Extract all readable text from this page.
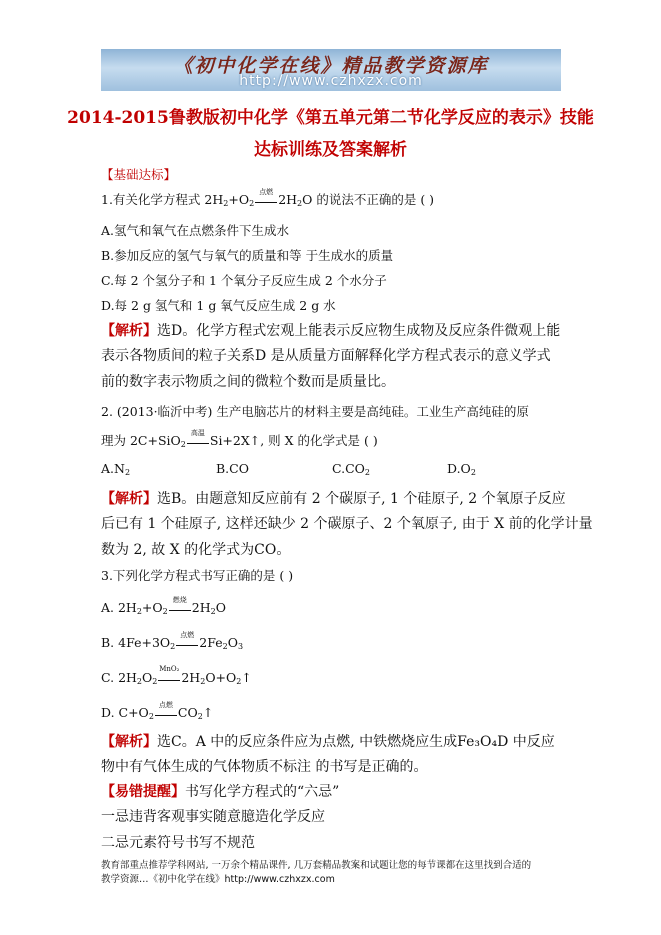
《初中化学在线》精品教学资源库
http://www.czhxzx.com
2014-2015鲁教版初中化学《第五单元第二节化学反应的表示》技能
达标训练及答案解析
【基础达标】
1.有关化学方程式 $2H_2+O_2$
点燃 $2H_2O$ 的说法不正确的是 ( )
A.氢气和氧气在点燃条件下生成水
B.参加反应的氢气与氧气的质量和等 于生成水的质量
C.每 2 个氢分子和 1 个氧分子反应生成 2 个水分子
D.每 2 g 氢气和 1 g 氧气反应生成 2 g 水
【解析】选D。化学方程式宏观上能表示反应物生成物及反应条件微观上能
表示各物质间的粒子关系D 是从质量方面解释化学方程式表示的意义学式
前的数字表示物质之间的微粒个数而是质量比。
2. (2013·临沂中考) 生产电脑芯片的材料主要是高纯硅。工业生产高纯硅的原
理为 2C+SiO$_2$
高温 Si+2X↑, 则 X 的化学式是 ( )
$A.N_2$	B.CO	$C.CO_2$	$D.O_2$
【解析】选B。由题意知反应前有 2 个碳原子, 1 个硅原子, 2 个氧原子反应
后已有 1 个硅原子, 这样还缺少 2 个碳原子、2 个氧原子, 由于 X 前的化学计量
数为 2, 故 X 的化学式为CO。
3.下列化学方程式书写正确的是 ( )
A. $2H_2+O_2$
燃烧 $2H_2O$
B. $4Fe+3O_2$
点燃 $2Fe_2O_3$
C. $2H_2O_2$
MnO₂
$2H_2O+O_2↑$
D. $C+O_2$
点燃 $CO_2↑$
【解析】选C。A 中的反应条件应为点燃, 中铁燃烧应生成Fe₃O₄D 中反应
物中有气体生成的气体物质不标注 的书写是正确的。
【易错提醒】书写化学方程式的“六忌”
一忌违背客观事实随意臆造化学反应
二忌元素符号书写不规范
教育部重点推荐学科网站, 一万余个精品课件, 几万套精品教案和试题让您的每节课都在这里找到合适的
教学资源…《初中化学在线》http://www.czhxzx.com
